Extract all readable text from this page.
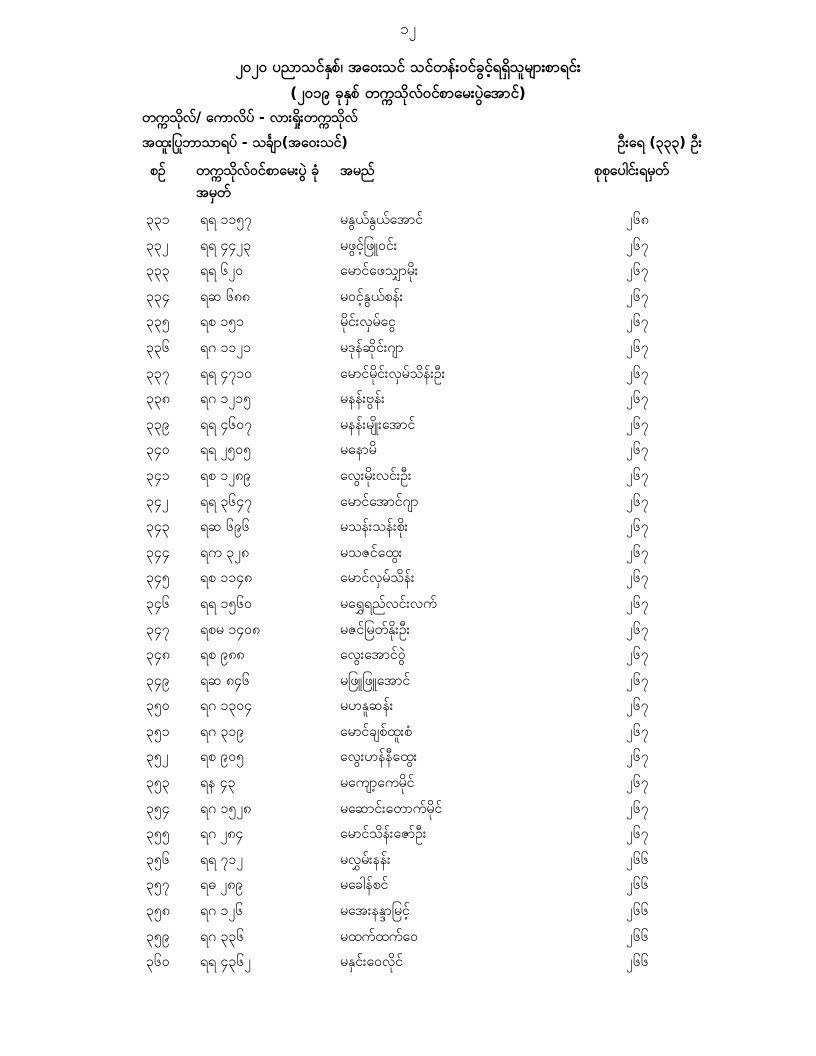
၁၂
၂၀၂၀ ပညာသင်နှစ်၊ အဝေးသင် သင်တန်းဝင်ခွင့်ရရှိသူများစာရင်း
(၂၀၁၉ ခုနှစ် တက္ကသိုလ်ဝင်စာမေးပွဲအောင်)
တက္ကသိုလ်/ ကောလိပ် - လားရှိုးတက္ကသိုလ်
အထူးပြုဘာသာရပ် - သင်္ချာ(အဝေးသင်)	ဦးရေ (၃၃၃) ဦး
စဉ် တက္ကသိုလ်ဝင်စာမေးပွဲ ခုံအမှတ်
အမည်	စုစုပေါင်းရမှတ်
၃၃၁ ရရ ၁၁၅၇	မနွယ်နွယ်အောင်	၂၆၈
၃၃၂ ရရ ၄၄၂၃	မဖွင့်ဖြူဝင်း	၂၆၇
၃၃၃ ရရ ၆၂၀	မောင်ဖေသျှာမိုး	၂၆၇
၃၃၄ ရဆ ၆၈၈	မဝင့်နွယ်စန်း	၂၆၇
၃၃၅ ရစ ၁၅၁	မိုင်းလှမ်ငွေ	၂၆၇
၃၃၆ ရဂ ၁၁၂၁	မဒုန်ဆိုင်းဂျာ	၂၆၇
၃၃၇ ရရ ၄၇၁၀	မောင်မိုင်းလှမ်သိန်းဦး	၂၆၇
၃၃၈ ရဂ ၁၂၁၅	မနန်းဗွန်း	၂၆၇
၃၃၉ ရရ ၄၆၀၇	မနန်းမျိုးအောင်	၂၆၇
၃၄၀ ရရ ၂၅၀၅	မနောမိ	၂၆၇
၃၄၁ ရစ ၁၂၈၉	လွေးမိုးလင်းဦး	၂၆၇
၃၄၂ ရရ ၃၆၄၇	မောင်အောင်ဂျာ	၂၆၇
၃၄၃ ရဆ ၆၉၆	မသန်းသန်းစိုး	၂၆၇
၃၄၄ ရက ၃၂၈	မသဇင်ထွေး	၂၆၇
၃၄၅ ရစ ၁၁၄၈	မောင်လှမ်သိန်း	၂၆၇
၃၄၆ ရရ ၁၅၆၀	မရွှေရည်လင်းလက်	၂၆၇
၃၄၇ ရစမ ၁၄၀၈	မဇင်မြတ်နိုးဦး	၂၆၇
၃၄၈ ရစ ၉၈၈	လွေးအောင်ဝွဲ	၂၆၇
၃၄၉ ရဆ ၈၄၆	မဖြူဖြူအောင်	၂၆၇
၃၅၀ ရဂ ၁၃၀၄	မဟနူဆန်း	၂၆၇
၃၅၁ ရဂ ၃၁၉	မောင်ချစ်ထူးစံ	၂၆၇
၃၅၂ ရစ ၉၀၅	လွေးဟန်နီထွေး	၂၆၇
၃၅၃ ရန ၄၃	မကျော့ကေမိုင်	၂၆၇
၃၅၄ ရဂ ၁၅၂၈	မဆောင်းတောက်မိုင်	၂၆၇
၃၅၅ ရဂ ၂၈၄	မောင်သိန်းဇော်ဦး	၂၆၇
၃၅၆ ရရ ၇၁၂	မလွှမ်းနန်း	၂၆၆
၃၅၇ ရဓ ၂၈၉	မခေါန်စင်	၂၆၆
၃၅၈ ရဂ ၁၂၆	မအေးနန္ဒာမြင့်	၂၆၆
၃၅၉ ရဂ ၃၃၆	မထက်ထက်ဝေ	၂၆၆
၃၆၀ ရရ ၄၃၆၂	မနှင်းဝေလိုင်	၂၆၆
